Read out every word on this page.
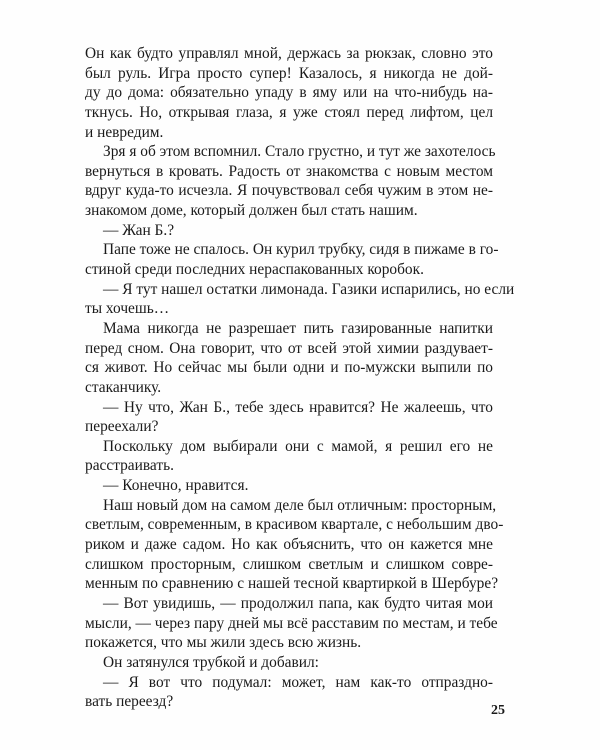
Он как будто управлял мной, держась за рюкзак, словно это
был руль. Игра просто супер! Казалось, я никогда не дой-
ду до дома: обязательно упаду в яму или на что-нибудь на-
ткнусь. Но, открывая глаза, я уже стоял перед лифтом, цел
и невредим.
Зря я об этом вспомнил. Стало грустно, и тут же захотелось
вернуться в кровать. Радость от знакомства с новым местом
вдруг куда-то исчезла. Я почувствовал себя чужим в этом не-
знакомом доме, который должен был стать нашим.
— Жан Б.?
Папе тоже не спалось. Он курил трубку, сидя в пижаме в го-
стиной среди последних нераспакованных коробок.
— Я тут нашел остатки лимонада. Газики испарились, но если
ты хочешь…
Мама никогда не разрешает пить газированные напитки
перед сном. Она говорит, что от всей этой химии раздувает-
ся живот. Но сейчас мы были одни и по-мужски выпили по
стаканчику.
— Ну что, Жан Б., тебе здесь нравится? Не жалеешь, что
переехали?
Поскольку дом выбирали они с мамой, я решил его не
расстраивать.
— Конечно, нравится.
Наш новый дом на самом деле был отличным: просторным,
светлым, современным, в красивом квартале, с небольшим дво-
риком и даже садом. Но как объяснить, что он кажется мне
слишком просторным, слишком светлым и слишком совре-
менным по сравнению с нашей тесной квартиркой в Шербуре?
— Вот увидишь, — продолжил папа, как будто читая мои
мысли, — через пару дней мы всё расставим по местам, и тебе
покажется, что мы жили здесь всю жизнь.
Он затянулся трубкой и добавил:
— Я вот что подумал: может, нам как-то отпраздно-
вать переезд?
25
